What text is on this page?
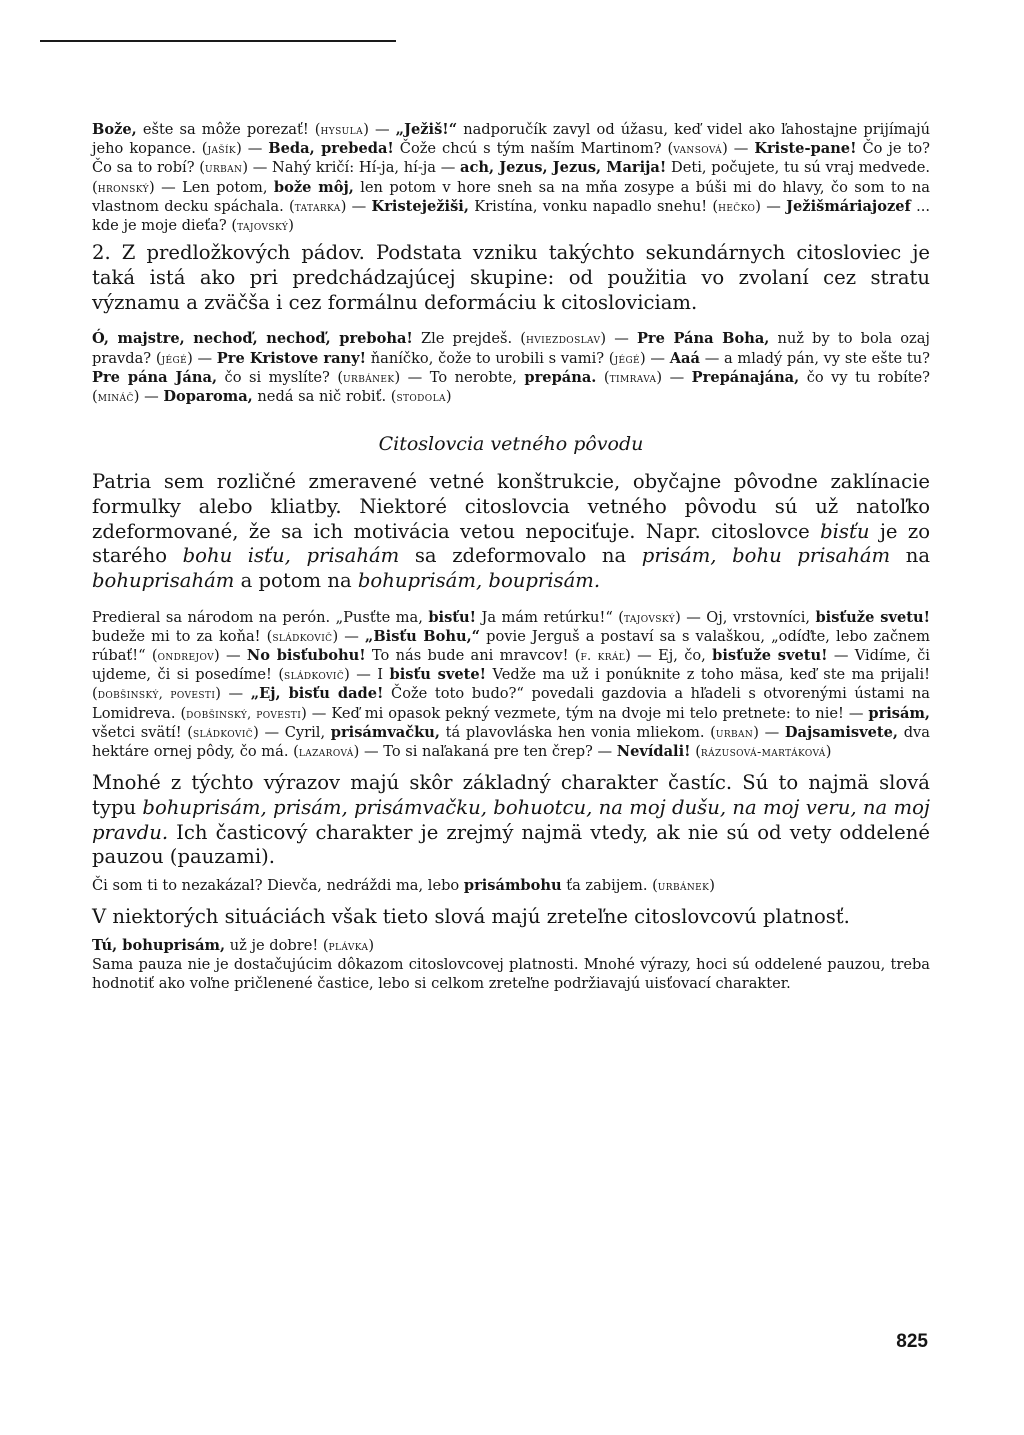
Bože, ešte sa môže porezať! (hysulа) — „Ježiš!“ nadporučík zavyl od úžasu, keď videl ako ľahostajne prijímajú jeho kopance. (jašík) — Beda, prebeda! Čože chcú s tým naším Martinom? (vansová) — Kriste-pane! Čo je to? Čo sa to robí? (urban) — Nahý kričí: Hí-ja, hí-ja — ach, Jezus, Jezus, Marija! Deti, počujete, tu sú vraj medvede. (hronský) — Len potom, bože môj, len potom v hore sneh sa na mňa zosype a búši mi do hlavy, čo som to na vlastnom decku spáchala. (tatarka) — Kristeježiši, Kristína, vonku napadlo snehu! (hečko) — Ježišmáriajozef ... kde je moje dieťa? (tajovský)

2. Z predložkových pádov. Podstata vzniku takýchto sekundárnych citosloviec je taká istá ako pri predchádzajúcej skupine: od použitia vo zvolaní cez stratu významu a zväčša i cez formálnu deformáciu k citosloviciam.

Ó, majstre, nechoď, nechoď, preboha! Zle prejdeš. (hviezdoslav) — Pre Pána Boha, nuž by to bola ozaj pravda? (jégé) — Pre Kristove rany! ňaníčko, čože to urobili s vami? (jégé) — Aaá — a mladý pán, vy ste ešte tu? Pre pána Jána, čo si myslíte? (urbánek) — To nerobte, prepána. (timrava) — Prepánajána, čo vy tu robíte? (mináč) — Doparoma, nedá sa nič robiť. (stodola)

Citoslovcia vetného pôvodu

Patria sem rozličné zmeravené vetné konštrukcie, obyčajne pôvodne zaklínacie formulky alebo kliatby. Niektoré citoslovcia vetného pôvodu sú už natoľko zdeformované, že sa ich motivácia vetou nepociťuje. Napr. citoslovce bisťu je zo starého bohu isťu, prisahám sa zdeformovalo na prisám, bohu prisahám na bohuprisahám a potom na bohuprisám, bouprisám.

Predieral sa národom na perón. „Pusťte ma, bisťu! Ja mám retúrku!“ (tajovský) — Oj, vrstovníci, bisťuže svetu! budeže mi to za koňa! (sládkovič) — „Bisťu Bohu,“ povie Jerguš a postaví sa s valaškou, „odíďte, lebo začnem rúbať!“ (ondrejov) — No bisťubohu! To nás bude ani mravcov! (f. kráľ) — Ej, čo, bisťuže svetu! — Vidíme, či ujdeme, či si posedíme! (sládkovič) — I bisťu svete! Vedže ma už i ponúknite z toho mäsa, keď ste ma prijali! (dobšinský, povesti) — „Ej, bisťu dade! Čože toto budo?“ povedali gazdovia a hľadeli s otvorenými ústami na Lomidreva. (dobšinský, povesti) — Keď mi opasok pekný vezmete, tým na dvoje mi telo pretnete: to nie! — prisám, všetci svätí! (sládkovič) — Cyril, prisámvačku, tá plavovláska hen vonia mliekom. (urban) — Dajsamisvete, dva hektáre ornej pôdy, čo má. (lazarová) — To si naľakaná pre ten črep? — Nevídali! (rázusová-martáková)

Mnohé z týchto výrazov majú skôr základný charakter častíc. Sú to najmä slová typu bohuprisám, prisám, prisámvačku, bohuotcu, na moj dušu, na moj veru, na moj pravdu. Ich časticový charakter je zrejmý najmä vtedy, ak nie sú od vety oddelené pauzou (pauzami).

Či som ti to nezakázal? Dievča, nedráždi ma, lebo prisámbohu ťa zabijem. (urbánek)

V niektorých situáciách však tieto slová majú zreteľne citoslovcovú platnosť.

Tú, bohuprisám, už je dobre! (plávka)

Sama pauza nie je dostačujúcim dôkazom citoslovcovej platnosti. Mnohé výrazy, hoci sú oddelené pauzou, treba hodnotiť ako voľne pričlenené častice, lebo si celkom zreteľne podržiavajú uisťovací charakter.

825
